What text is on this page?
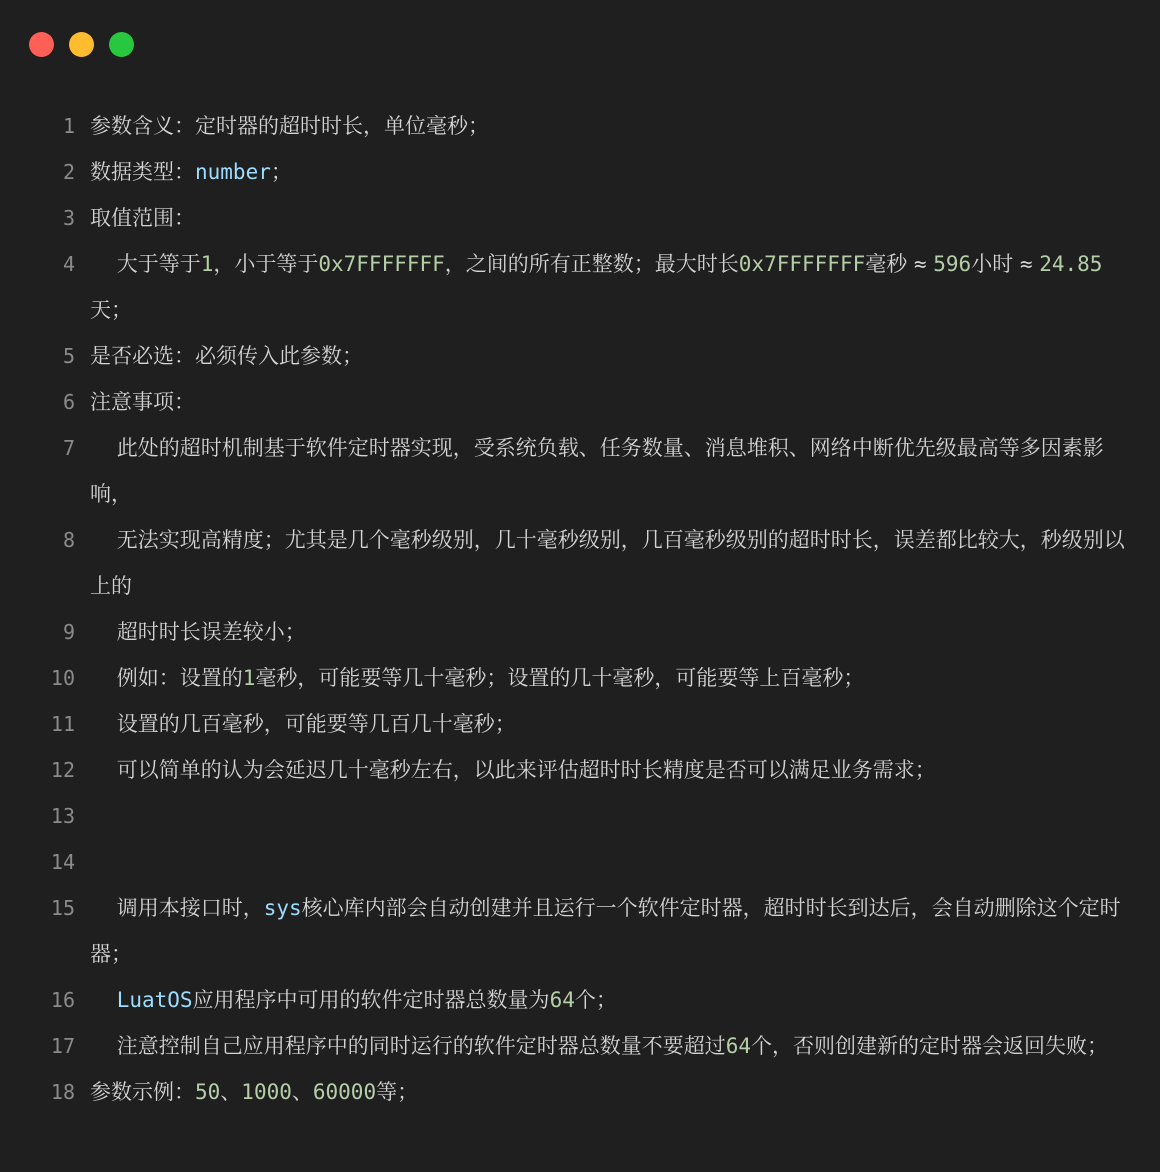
1 参数含义：定时器的超时时长，单位毫秒；
2 数据类型：number；
3 取值范围：
4 大于等于1，小于等于0x7FFFFFFF，之间的所有正整数；最大时长0x7FFFFFFF毫秒 ≈ 596小时 ≈ 24.85天；
5 是否必选：必须传入此参数；
6 注意事项：
7 此处的超时机制基于软件定时器实现，受系统负载、任务数量、消息堆积、网络中断优先级最高等多因素影响，
8 无法实现高精度；尤其是几个毫秒级别，几十毫秒级别，几百毫秒级别的超时时长，误差都比较大，秒级别以上的
9 超时时长误差较小；
10 例如：设置的1毫秒，可能要等几十毫秒；设置的几十毫秒，可能要等上百毫秒；
11 设置的几百毫秒，可能要等几百几十毫秒；
12 可以简单的认为会延迟几十毫秒左右，以此来评估超时时长精度是否可以满足业务需求；
13

14

15 调用本接口时，sys核心库内部会自动创建并且运行一个软件定时器，超时时长到达后，会自动删除这个定时器；
16	LuatOS应用程序中可用的软件定时器总数量为64个；
17 注意控制自己应用程序中的同时运行的软件定时器总数量不要超过64个，否则创建新的定时器会返回失败；
18 参数示例：50、1000、60000等；
